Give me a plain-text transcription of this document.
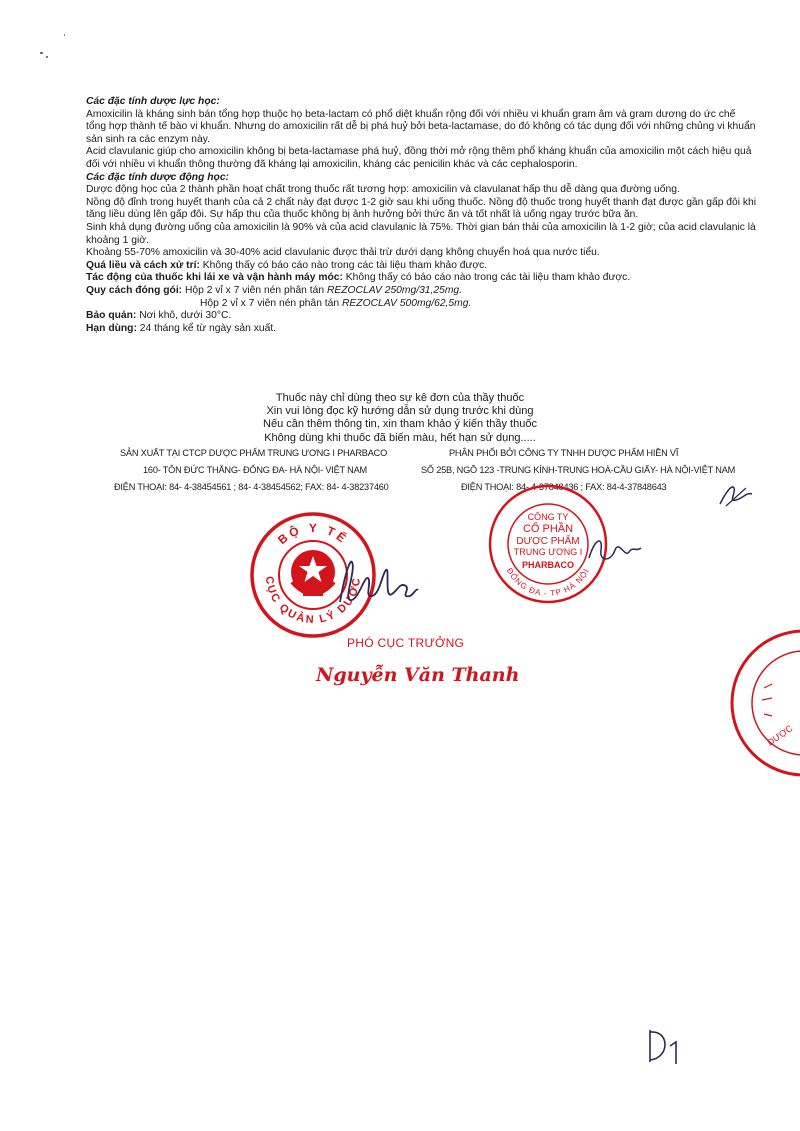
Các đặc tính dược lực học:

Amoxicilin là kháng sinh bán tổng hợp thuộc họ beta-lactam có phổ diệt khuẩn rộng đối với nhiều vi khuẩn gram âm và gram dương do ức chế tổng hợp thành tế bào vi khuẩn. Nhưng do amoxicilin rất dễ bị phá huỷ bởi beta-lactamase, do đó không có tác dụng đối với những chủng vi khuẩn sản sinh ra các enzym này.

Acid clavulanic giúp cho amoxicilin không bị beta-lactamase phá huỷ, đồng thời mở rộng thêm phổ kháng khuẩn của amoxicilin một cách hiệu quả đối với nhiều vi khuẩn thông thường đã kháng lại amoxicilin, kháng các penicilin khác và các cephalosporin.

Các đặc tính dược động học:

Dược động học của 2 thành phần hoạt chất trong thuốc rất tương hợp: amoxicilin và clavulanat hấp thu dễ dàng qua đường uống.

Nồng độ đỉnh trong huyết thanh của cả 2 chất này đạt được 1-2 giờ sau khi uống thuốc. Nồng độ thuốc trong huyết thanh đạt được gần gấp đôi khi tăng liều dùng lên gấp đôi. Sự hấp thu của thuốc không bị ảnh hưởng bởi thức ăn và tốt nhất là uống ngay trước bữa ăn.

Sinh khả dụng đường uống của amoxicilin là 90% và của acid clavulanic là 75%. Thời gian bán thải của amoxicilin là 1-2 giờ; của acid clavulanic là khoảng 1 giờ.

Khoảng 55-70% amoxicilin và 30-40% acid clavulanic được thải trừ dưới dạng không chuyển hoá qua nước tiểu.

Quá liều và cách xử trí: Không thấy có báo cáo nào trong các tài liệu tham khảo được.

Tác động của thuốc khi lái xe và vận hành máy móc: Không thấy có báo cáo nào trong các tài liệu tham khảo được.

Quy cách đóng gói: Hộp 2 vỉ x 7 viên nén phân tán REZOCLAV 250mg/31,25mg.

Hộp 2 vỉ x 7 viên nén phân tán REZOCLAV 500mg/62,5mg.

Bảo quản: Nơi khô, dưới 30°C.

Hạn dùng: 24 tháng kể từ ngày sản xuất.

Thuốc này chỉ dùng theo sự kê đơn của thầy thuốc

Xin vui lòng đọc kỹ hướng dẫn sử dụng trước khi dùng

Nếu cần thêm thông tin, xin tham khảo ý kiến thầy thuốc

Không dùng khi thuốc đã biến màu, hết hạn sử dụng.....

SẢN XUẤT TẠI CTCP DƯỢC PHẨM TRUNG ƯƠNG I PHARBACO

160- TÔN ĐỨC THẮNG- ĐỐNG ĐA- HÀ NỘI- VIỆT NAM

ĐIỆN THOẠI: 84- 4-38454561 ; 84- 4-38454562; FAX: 84- 4-38237460

PHÂN PHỐI BỞI CÔNG TY TNHH DƯỢC PHẨM HIỀN VĨ

SỐ 25B, NGÕ 123 -TRUNG KÍNH-TRUNG HOÀ-CẦU GIẤY- HÀ NỘI-VIỆT NAM

ĐIỆN THOẠI: 84- 4-37848436 ; FAX: 84-4-37848643

BỘ Y TẾ
CỤC QUẢN LÝ DƯỢC
CÔNG TY
CỔ PHẦN
DƯỢC PHẨM
TRUNG ƯƠNG I
PHARBACO
ĐỐNG ĐA - TP HÀ NỘI
DƯỢC
PHÓ CỤC TRƯỞNG
Nguyễn Văn Thanh
